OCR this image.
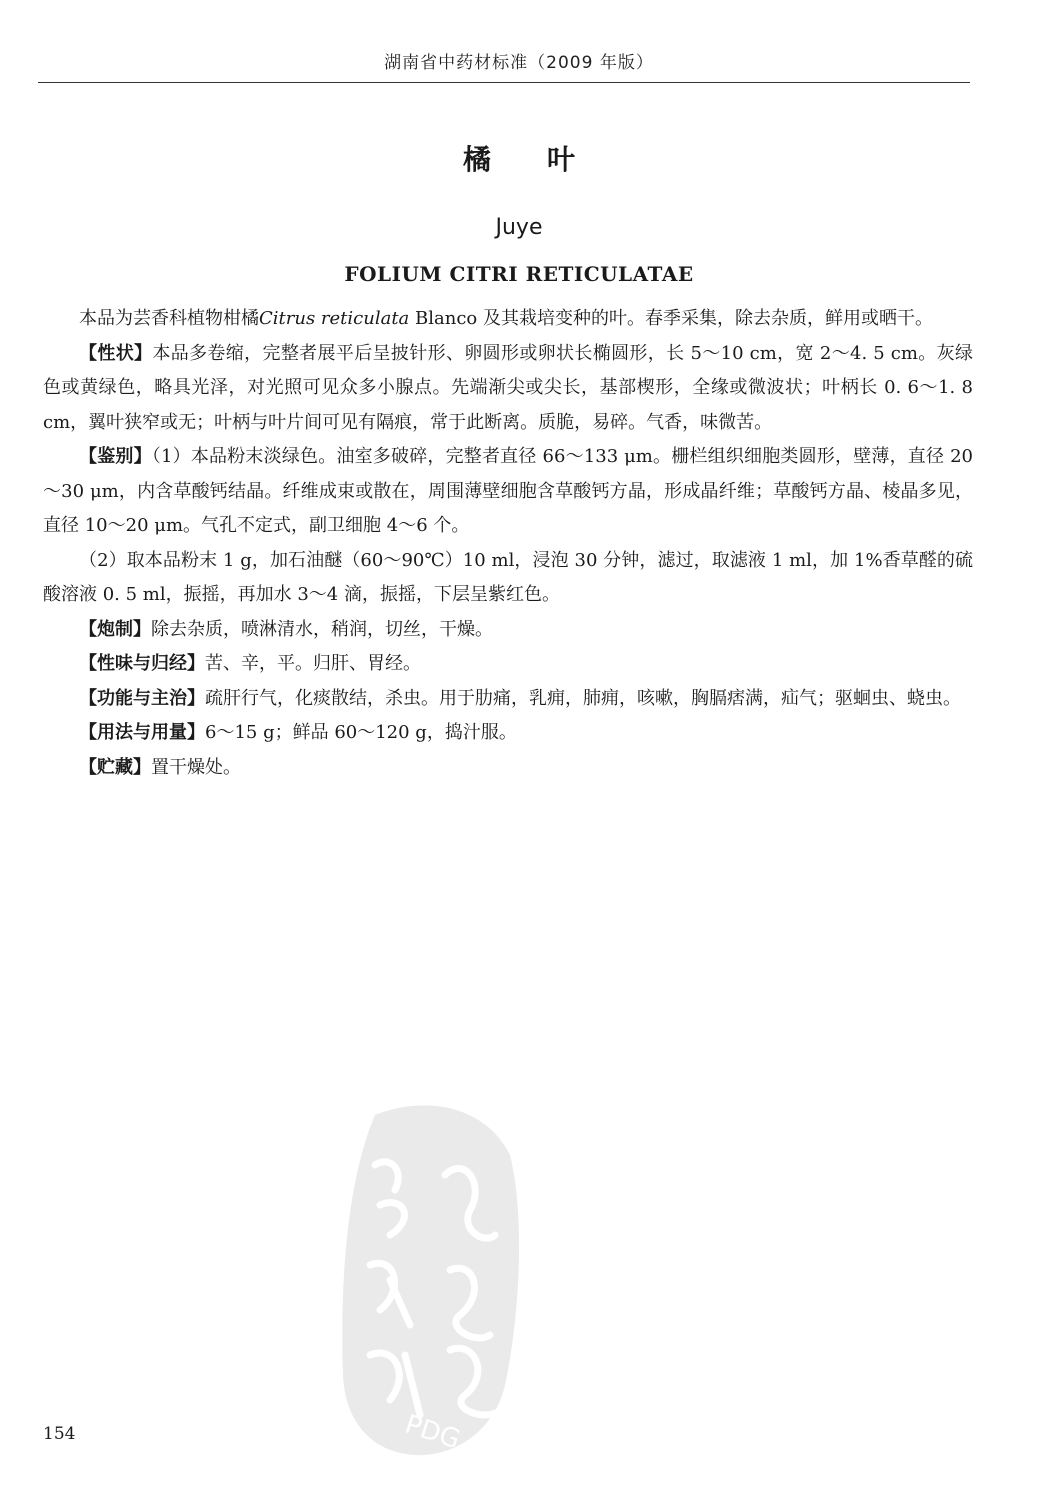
湖南省中药材标准（2009 年版）
橘叶
Juye
FOLIUM CITRI RETICULATAE

本品为芸香科植物柑橘Citrus reticulata Blanco 及其栽培变种的叶。春季采集，除去杂质，鲜用或晒干。

【性状】本品多卷缩，完整者展平后呈披针形、卵圆形或卵状长椭圆形，长 5～10 cm，宽 2～4. 5 cm。灰绿色或黄绿色，略具光泽，对光照可见众多小腺点。先端渐尖或尖长，基部楔形，全缘或微波状；叶柄长 0. 6～1. 8 cm，翼叶狭窄或无；叶柄与叶片间可见有隔痕，常于此断离。质脆，易碎。气香，味微苦。

【鉴别】（1）本品粉末淡绿色。油室多破碎，完整者直径 66～133 μm。栅栏组织细胞类圆形，壁薄，直径 20～30 μm，内含草酸钙结晶。纤维成束或散在，周围薄壁细胞含草酸钙方晶，形成晶纤维；草酸钙方晶、棱晶多见，直径 10～20 μm。气孔不定式，副卫细胞 4～6 个。

（2）取本品粉末 1 g，加石油醚（60～90℃）10 ml，浸泡 30 分钟，滤过，取滤液 1 ml，加 1%香草醛的硫酸溶液 0. 5 ml，振摇，再加水 3～4 滴，振摇，下层呈紫红色。

【炮制】除去杂质，喷淋清水，稍润，切丝，干燥。

【性味与归经】苦、辛，平。归肝、胃经。

【功能与主治】疏肝行气，化痰散结，杀虫。用于肋痛，乳痈，肺痈，咳嗽，胸膈痞满，疝气；驱蛔虫、蛲虫。

【用法与用量】6～15 g；鲜品 60～120 g，捣汁服。

【贮藏】置干燥处。

PDG
154
